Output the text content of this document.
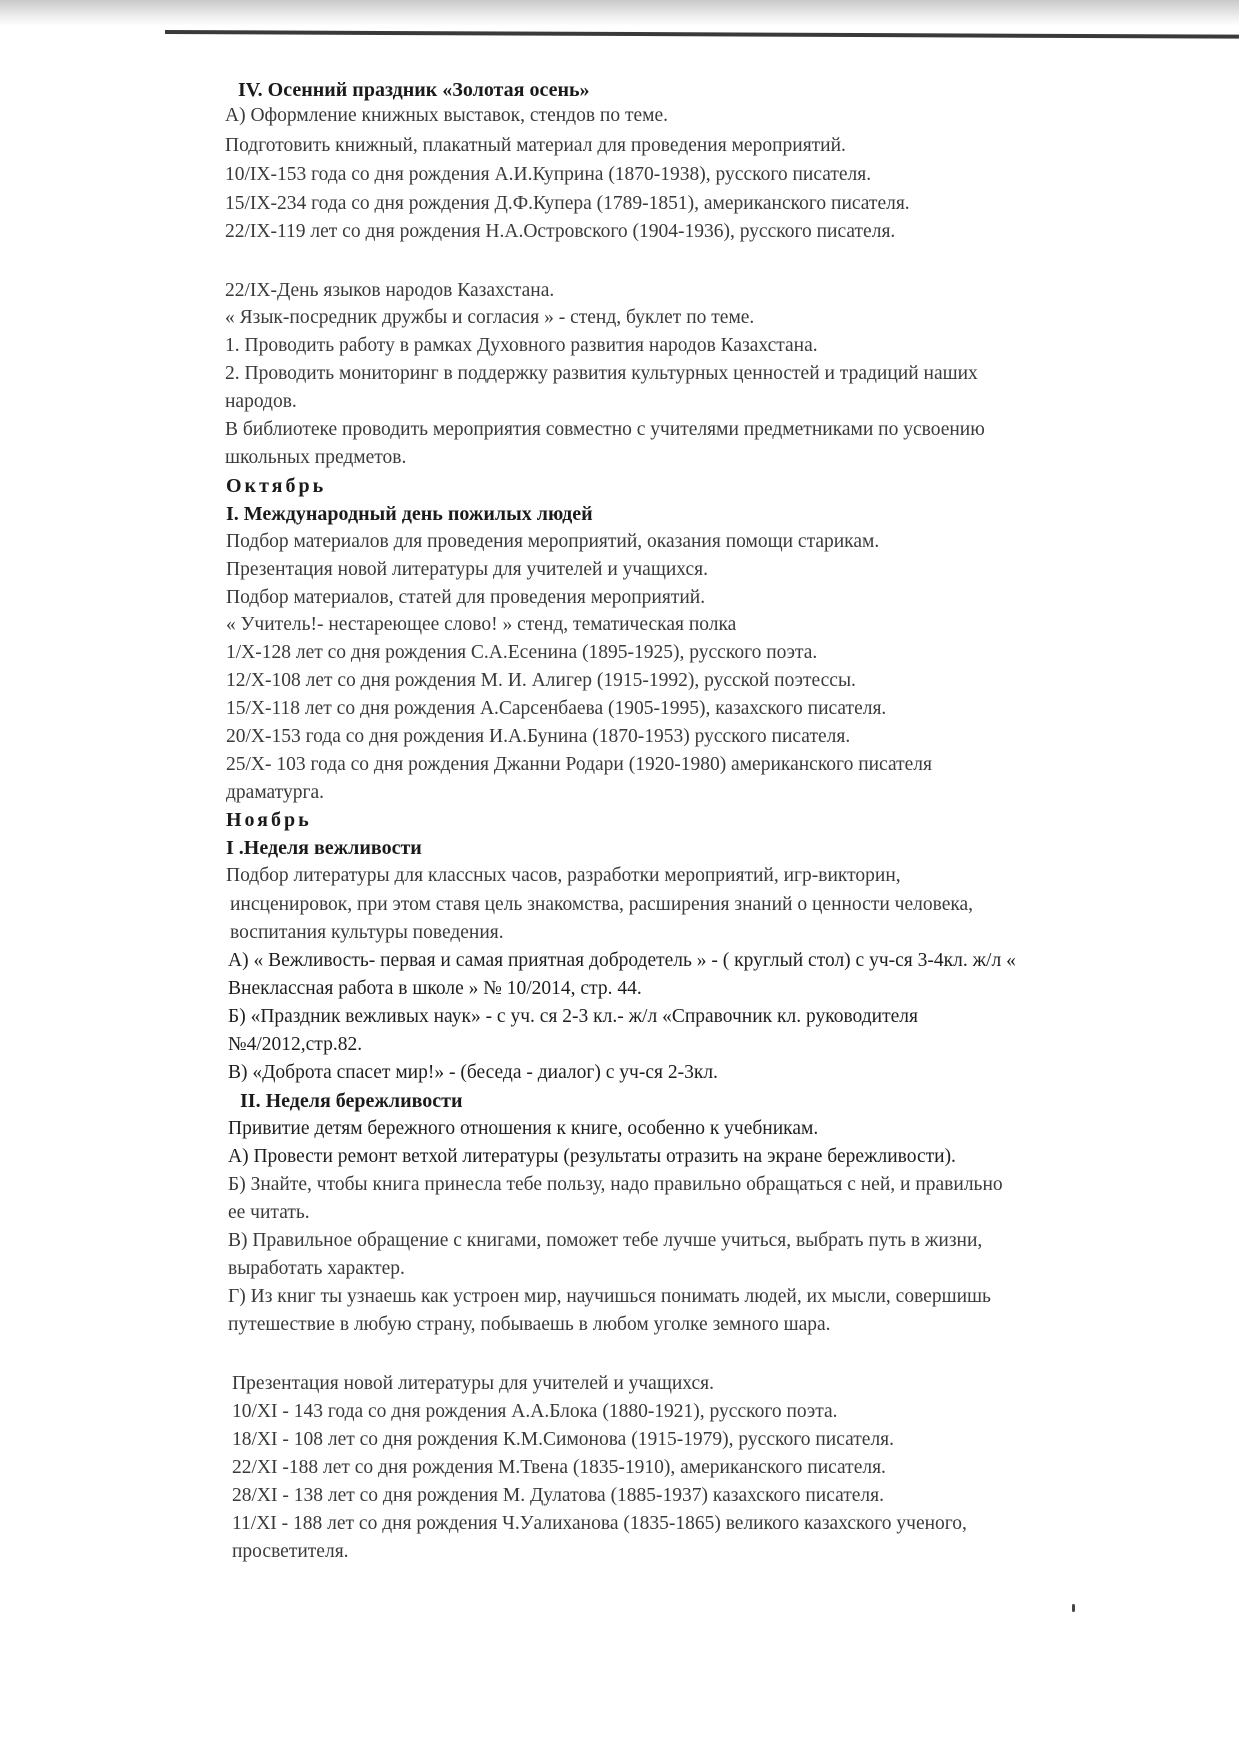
IV. Осенний праздник «Золотая осень»

А) Оформление книжных выставок, стендов по теме.

Подготовить книжный, плакатный материал для проведения мероприятий.

10/IX-153 года со дня рождения А.И.Куприна (1870-1938), русского писателя.

15/IX-234 года со дня рождения Д.Ф.Купера (1789-1851), американского писателя.

22/IX-119 лет со дня рождения Н.А.Островского (1904-1936), русского писателя.

22/IX-День языков народов Казахстана.

« Язык-посредник дружбы и согласия » - стенд, буклет по теме.

1. Проводить работу в рамках Духовного развития народов Казахстана.

2. Проводить мониторинг в поддержку развития культурных ценностей и традиций наших

народов.

В библиотеке проводить мероприятия совместно с учителями предметниками по усвоению

школьных предметов.

Октябрь

I. Международный день пожилых людей

Подбор материалов для проведения мероприятий, оказания помощи старикам.

Презентация новой литературы для учителей и учащихся.

Подбор материалов, статей для проведения мероприятий.

« Учитель!- нестареющее слово! » стенд, тематическая полка

1/X-128 лет со дня рождения С.А.Есенина (1895-1925), русского поэта.

12/X-108 лет со дня рождения М. И. Алигер (1915-1992), русской поэтессы.

15/X-118 лет со дня рождения А.Сарсенбаева (1905-1995), казахского писателя.

20/X-153 года со дня рождения И.А.Бунина (1870-1953) русского писателя.

25/X- 103 года со дня рождения Джанни Родари (1920-1980) американского писателя

драматурга.

Ноябрь

I .Неделя вежливости

Подбор литературы для классных часов, разработки мероприятий, игр-викторин,

инсценировок, при этом ставя цель знакомства, расширения знаний о ценности человека,

воспитания культуры поведения.

А) « Вежливость- первая и самая приятная добродетель » - ( круглый стол) с уч-ся 3-4кл. ж/л «

Внеклассная работа в школе » № 10/2014, стр. 44.

Б) «Праздник вежливых наук» - с уч. ся 2-3 кл.- ж/л «Справочник кл. руководителя

№4/2012,стр.82.

В) «Доброта спасет мир!» - (беседа - диалог) с уч-ся 2-3кл.

II. Неделя бережливости

Привитие детям бережного отношения к книге, особенно к учебникам.

А) Провести ремонт ветхой литературы (результаты отразить на экране бережливости).

Б) Знайте, чтобы книга принесла тебе пользу, надо правильно обращаться с ней, и правильно

ее читать.

В) Правильное обращение с книгами, поможет тебе лучше учиться, выбрать путь в жизни,

выработать характер.

Г) Из книг ты узнаешь как устроен мир, научишься понимать людей, их мысли, совершишь

путешествие в любую страну, побываешь в любом уголке земного шара.

Презентация новой литературы для учителей и учащихся.

10/XI - 143 года со дня рождения А.А.Блока (1880-1921), русского поэта.

18/XI - 108 лет со дня рождения К.М.Симонова (1915-1979), русского писателя.

22/XI -188 лет со дня рождения М.Твена (1835-1910), американского писателя.

28/XI - 138 лет со дня рождения М. Дулатова (1885-1937) казахского писателя.

11/XI - 188 лет со дня рождения Ч.Уалиханова (1835-1865) великого казахского ученого,

просветителя.
